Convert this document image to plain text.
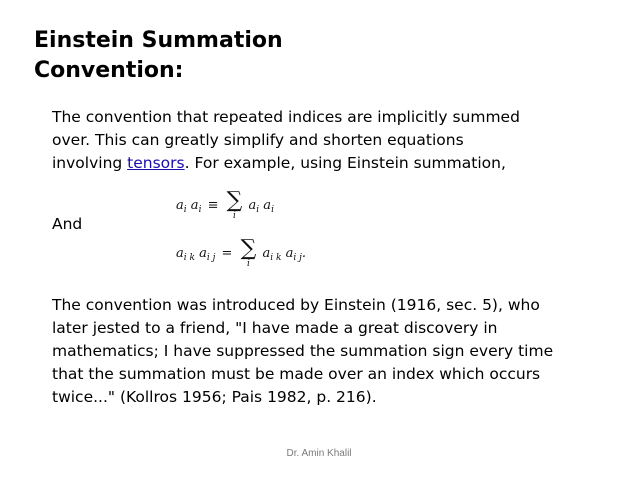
Einstein Summation
Convention:

The convention that repeated indices are implicitly summed
over. This can greatly simplify and shorten equations
involving tensors. For example, using Einstein summation,

$a_i$ $a_i$ ≡ ∑
i
$a_i$ $a_i$
And
$a_{i k}$ $a_{i j}$ = ∑
i
$a_{i k}$ $a_{i j}$.

The convention was introduced by Einstein (1916, sec. 5), who
later jested to a friend, "I have made a great discovery in
mathematics; I have suppressed the summation sign every time
that the summation must be made over an index which occurs
twice..." (Kollros 1956; Pais 1982, p. 216).

Dr. Amin Khalil
